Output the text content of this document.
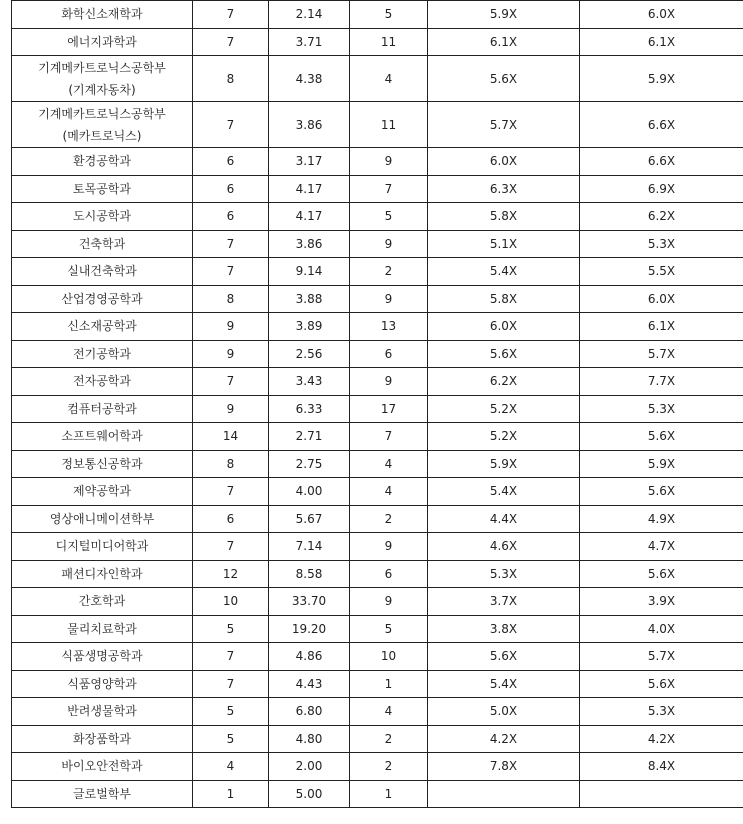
화학신소재학과	7	2.14	5	5.9X	6.0X

에너지과학과	7	3.71	11	6.1X	6.1X

기계메카트로닉스공학부
(기계자동차)	8	4.38	4	5.6X	5.9X

기계메카트로닉스공학부
(메카트로닉스)	7	3.86	11	5.7X	6.6X

환경공학과	6	3.17	9	6.0X	6.6X

토목공학과	6	4.17	7	6.3X	6.9X

도시공학과	6	4.17	5	5.8X	6.2X

건축학과	7	3.86	9	5.1X	5.3X

실내건축학과	7	9.14	2	5.4X	5.5X

산업경영공학과	8	3.88	9	5.8X	6.0X

신소재공학과	9	3.89	13	6.0X	6.1X

전기공학과	9	2.56	6	5.6X	5.7X

전자공학과	7	3.43	9	6.2X	7.7X

컴퓨터공학과	9	6.33	17	5.2X	5.3X

소프트웨어학과	14	2.71	7	5.2X	5.6X

정보통신공학과	8	2.75	4	5.9X	5.9X

제약공학과	7	4.00	4	5.4X	5.6X

영상애니메이션학부	6	5.67	2	4.4X	4.9X

디지털미디어학과	7	7.14	9	4.6X	4.7X

패션디자인학과	12	8.58	6	5.3X	5.6X

간호학과	10	33.70	9	3.7X	3.9X

물리치료학과	5	19.20	5	3.8X	4.0X

식품생명공학과	7	4.86	10	5.6X	5.7X

식품영양학과	7	4.43	1	5.4X	5.6X

반려생물학과	5	6.80	4	5.0X	5.3X

화장품학과	5	4.80	2	4.2X	4.2X

바이오안전학과	4	2.00	2	7.8X	8.4X

글로벌학부	1	5.00	1		
